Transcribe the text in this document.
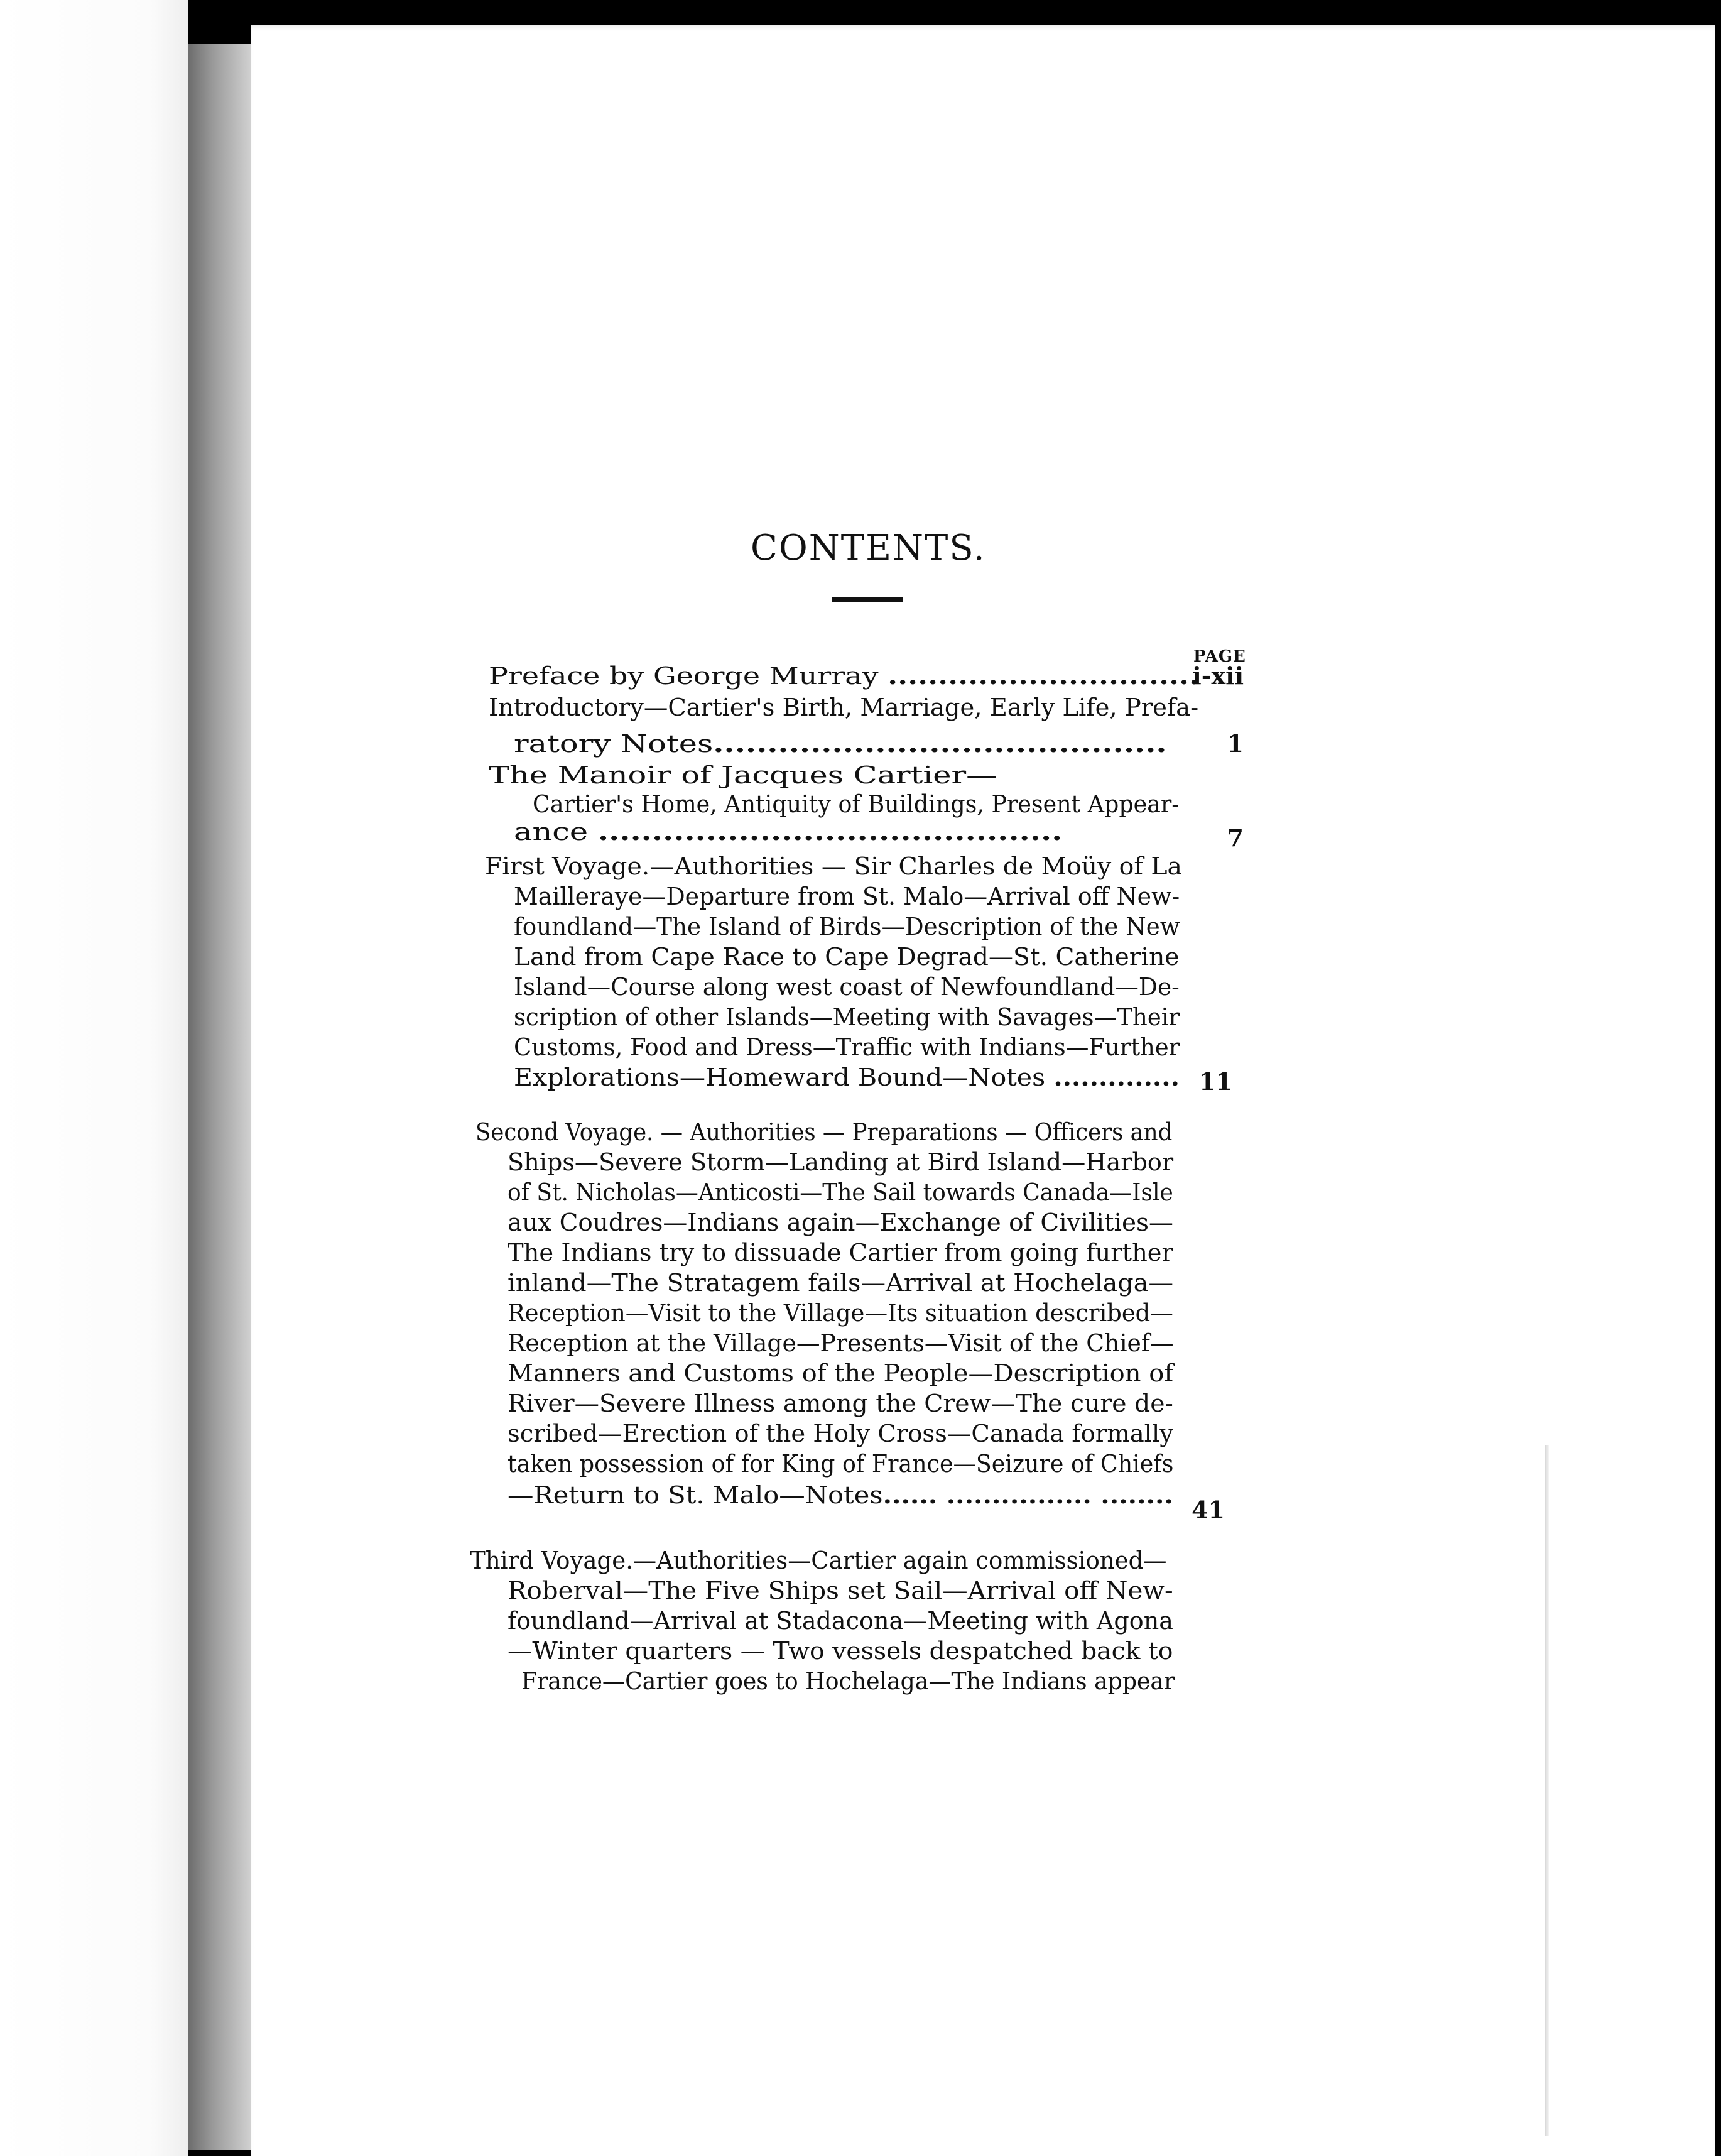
CONTENTS.
PAGE
Preface by George Murray ...............................
i-xii
Introductory—Cartier's Birth, Marriage, Early Life, Prefa-
ratory Notes..........................................	1
The Manoir of Jacques Cartier—
Cartier's Home, Antiquity of Buildings, Present Appear-
ance ...........................................	7
First Voyage.—Authorities — Sir Charles de Moüy of La
Mailleraye—Departure from St. Malo—Arrival off New-
foundland—The Island of Birds—Description of the New
Land from Cape Race to Cape Degrad—St. Catherine
Island—Course along west coast of Newfoundland—De-
scription of other Islands—Meeting with Savages—Their
Customs, Food and Dress—Traffic with Indians—Further
Explorations—Homeward Bound—Notes .............. 11
Second Voyage. — Authorities — Preparations — Officers and
Ships—Severe Storm—Landing at Bird Island—Harbor
of St. Nicholas—Anticosti—The Sail towards Canada—Isle
aux Coudres—Indians again—Exchange of Civilities—
The Indians try to dissuade Cartier from going further
inland—The Stratagem fails—Arrival at Hochelaga—
Reception—Visit to the Village—Its situation described—
Reception at the Village—Presents—Visit of the Chief—
Manners and Customs of the People—Description of
River—Severe Illness among the Crew—The cure de-
scribed—Erection of the Holy Cross—Canada formally
taken possession of for King of France—Seizure of Chiefs
—Return to St. Malo—Notes...... ................ ........
41
Third Voyage.—Authorities—Cartier again commissioned—
Roberval—The Five Ships set Sail—Arrival off New-
foundland—Arrival at Stadacona—Meeting with Agona
—Winter quarters — Two vessels despatched back to
France—Cartier goes to Hochelaga—The Indians appear
